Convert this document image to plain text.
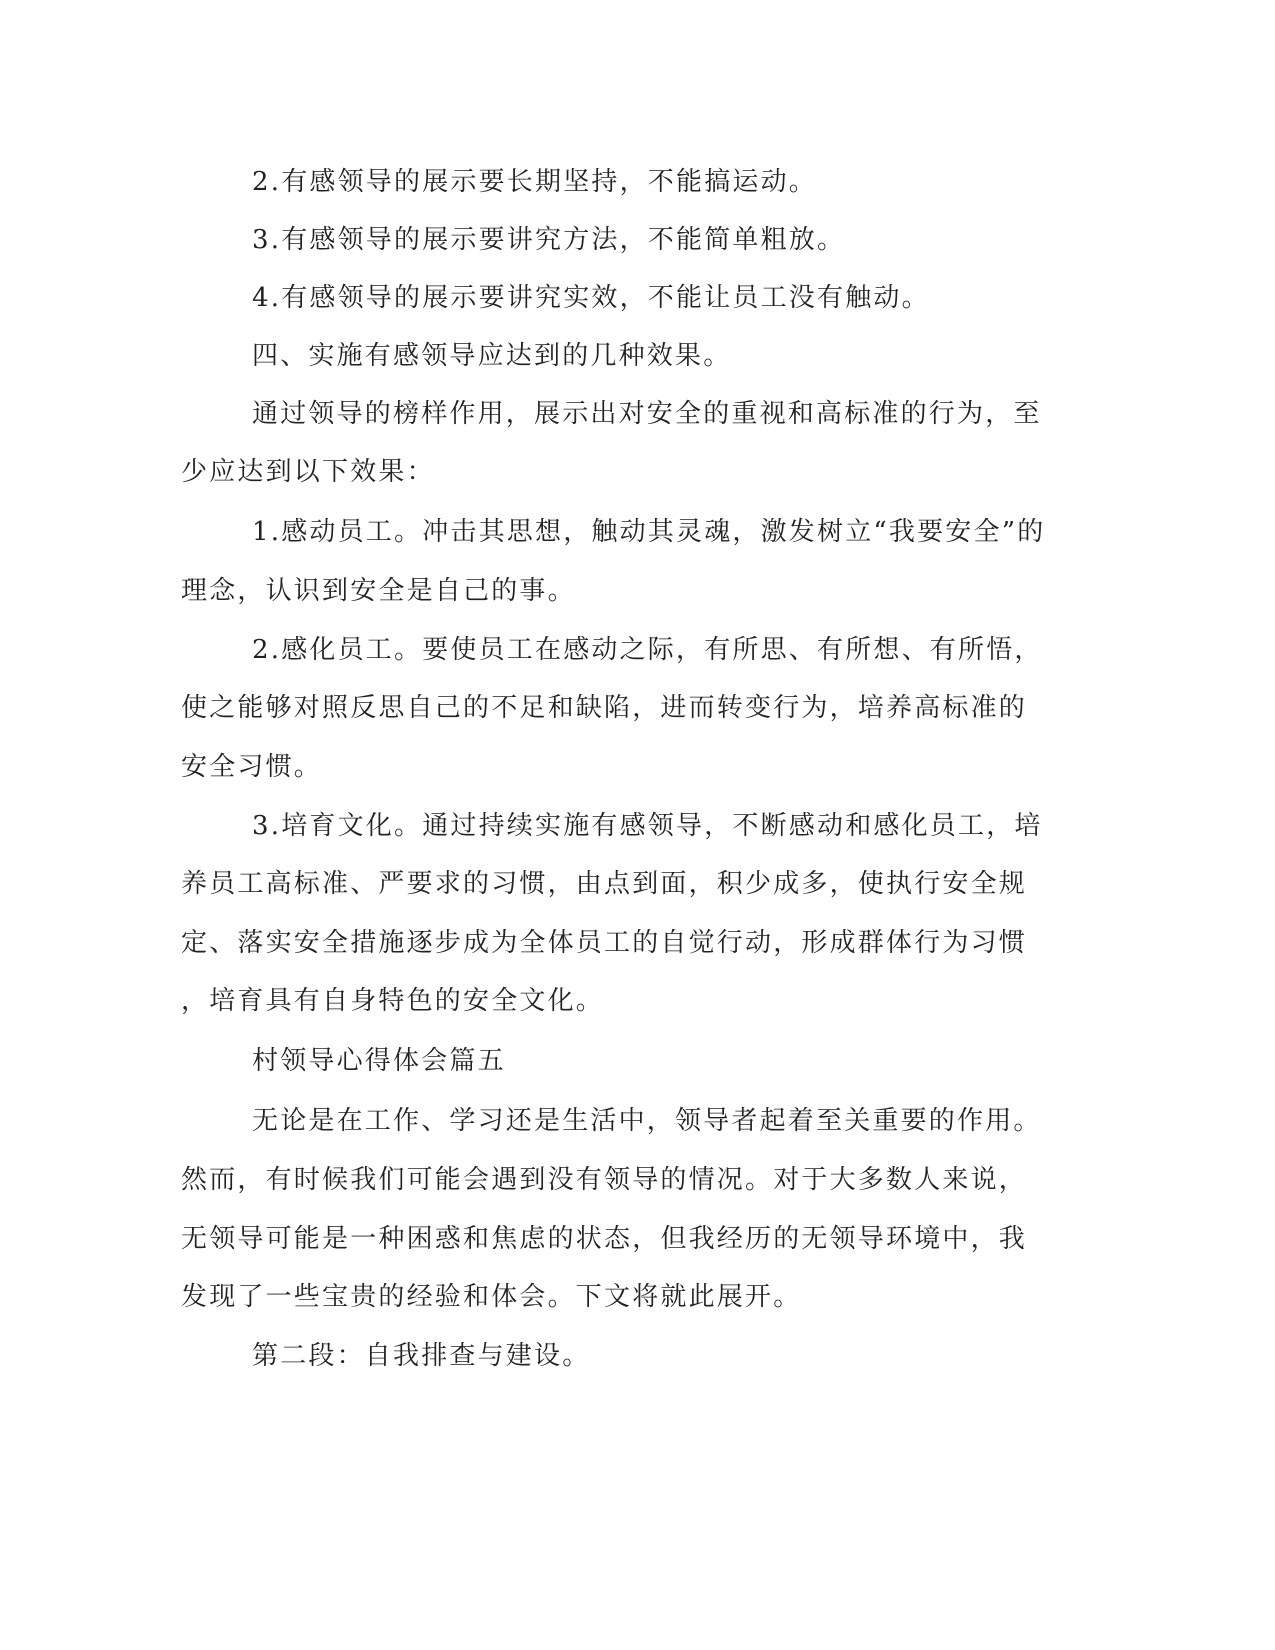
2.有感领导的展示要长期坚持，不能搞运动。

3.有感领导的展示要讲究方法，不能简单粗放。

4.有感领导的展示要讲究实效，不能让员工没有触动。

四、实施有感领导应达到的几种效果。

通过领导的榜样作用，展示出对安全的重视和高标准的行为，至

少应达到以下效果：

1.感动员工。冲击其思想，触动其灵魂，激发树立“我要安全”的

理念，认识到安全是自己的事。

2.感化员工。要使员工在感动之际，有所思、有所想、有所悟，

使之能够对照反思自己的不足和缺陷，进而转变行为，培养高标准的

安全习惯。

3.培育文化。通过持续实施有感领导，不断感动和感化员工，培

养员工高标准、严要求的习惯，由点到面，积少成多，使执行安全规

定、落实安全措施逐步成为全体员工的自觉行动，形成群体行为习惯

，培育具有自身特色的安全文化。

村领导心得体会篇五

无论是在工作、学习还是生活中，领导者起着至关重要的作用。

然而，有时候我们可能会遇到没有领导的情况。对于大多数人来说，

无领导可能是一种困惑和焦虑的状态，但我经历的无领导环境中，我

发现了一些宝贵的经验和体会。下文将就此展开。

第二段：自我排查与建设。
